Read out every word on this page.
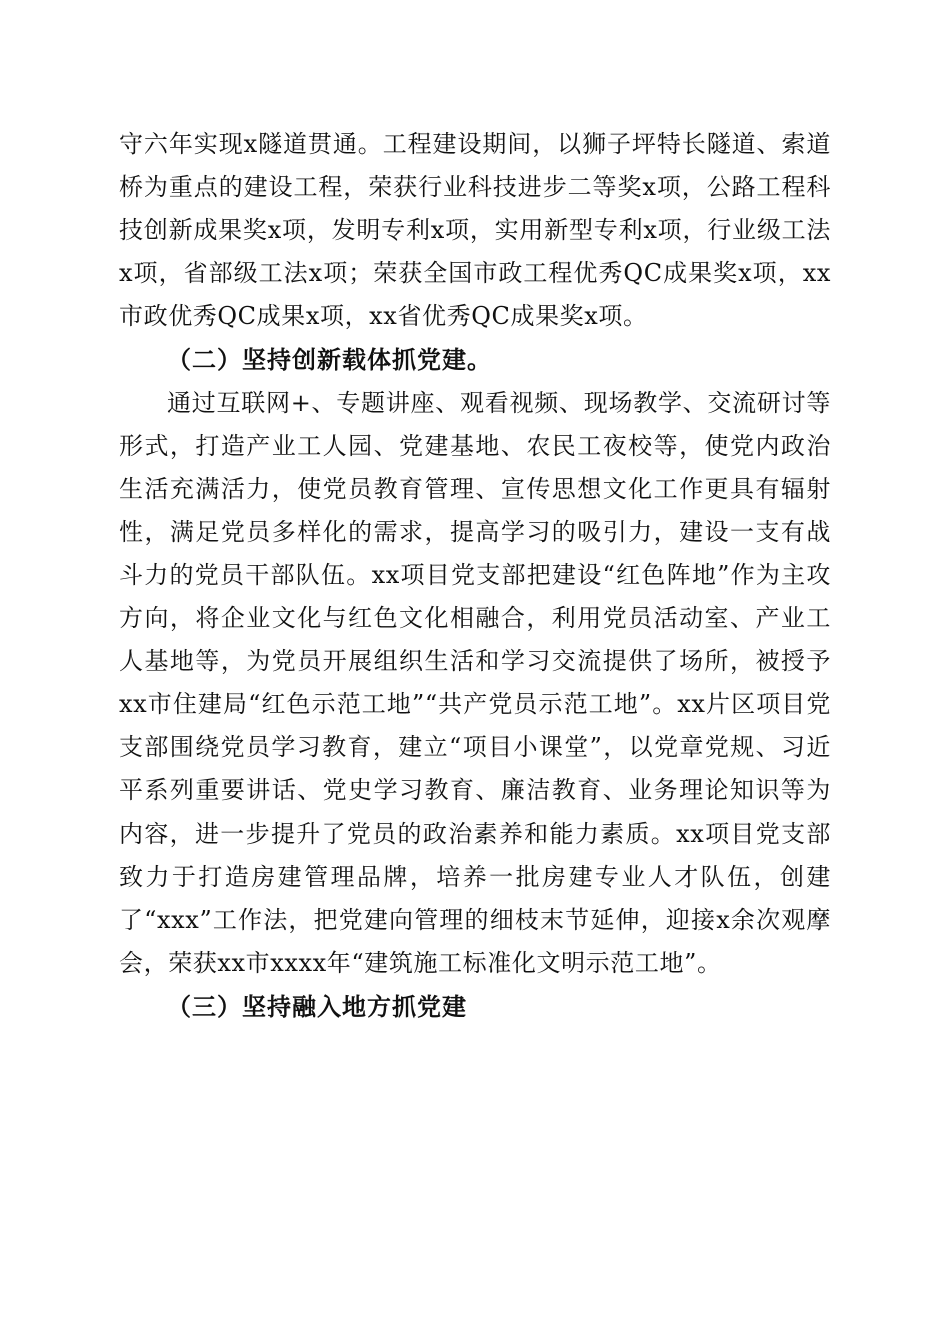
守六年实现x隧道贯通。工程建设期间，以狮子坪特长隧道、索道桥为重点的建设工程，荣获行业科技进步二等奖x项，公路工程科技创新成果奖x项，发明专利x项，实用新型专利x项，行业级工法x项，省部级工法x项；荣获全国市政工程优秀QC成果奖x项，xx市政优秀QC成果x项，xx省优秀QC成果奖x项。

（二）坚持创新载体抓党建。

通过互联网+、专题讲座、观看视频、现场教学、交流研讨等形式，打造产业工人园、党建基地、农民工夜校等，使党内政治生活充满活力，使党员教育管理、宣传思想文化工作更具有辐射性，满足党员多样化的需求，提高学习的吸引力，建设一支有战斗力的党员干部队伍。xx项目党支部把建设“红色阵地”作为主攻方向，将企业文化与红色文化相融合，利用党员活动室、产业工人基地等，为党员开展组织生活和学习交流提供了场所，被授予xx市住建局“红色示范工地”“共产党员示范工地”。xx片区项目党支部围绕党员学习教育，建立“项目小课堂”，以党章党规、习近平系列重要讲话、党史学习教育、廉洁教育、业务理论知识等为内容，进一步提升了党员的政治素养和能力素质。xx项目党支部致力于打造房建管理品牌，培养一批房建专业人才队伍，创建了“xxx”工作法，把党建向管理的细枝末节延伸，迎接x余次观摩会，荣获xx市xxxx年“建筑施工标准化文明示范工地”。

（三）坚持融入地方抓党建
